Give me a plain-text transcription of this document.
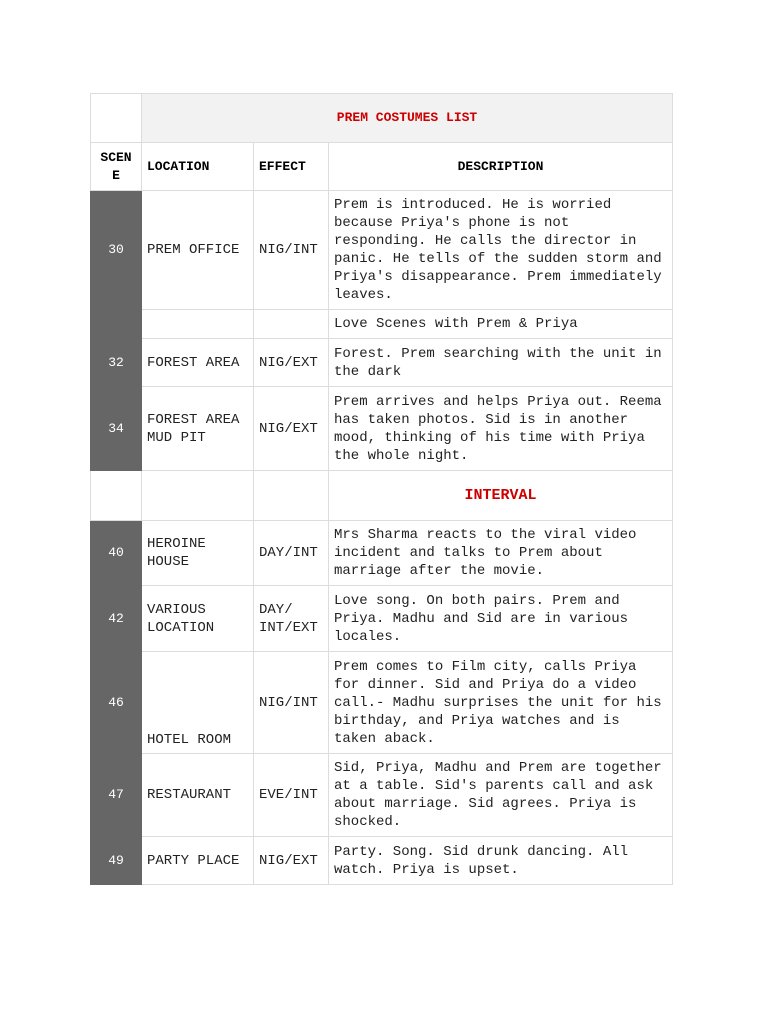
	PREM COSTUMES LIST		
SCEN
E	LOCATION	EFFECT	DESCRIPTION
30	PREM OFFICE	NIG/INT	Prem is introduced. He is worried because Priya's phone is not responding. He calls the director in panic. He tells of the sudden storm and Priya's disappearance. Prem immediately leaves.
			Love Scenes with Prem & Priya
32	FOREST AREA	NIG/EXT	Forest. Prem searching with the unit in the dark
34	FOREST AREA MUD PIT	NIG/EXT	Prem arrives and helps Priya out. Reema has taken photos. Sid is in another mood, thinking of his time with Priya the whole night.
			INTERVAL
40	HEROINE HOUSE	DAY/INT	Mrs Sharma reacts to the viral video incident and talks to Prem about marriage after the movie.
42	VARIOUS LOCATION	DAY/ INT/EXT	Love song. On both pairs. Prem and Priya. Madhu and Sid are in various locales.
46	HOTEL ROOM	NIG/INT	Prem comes to Film city, calls Priya for dinner. Sid and Priya do a video call.- Madhu surprises the unit for his birthday, and Priya watches and is taken aback.
47	RESTAURANT	EVE/INT	Sid, Priya, Madhu and Prem are together at a table. Sid's parents call and ask about marriage. Sid agrees. Priya is shocked.
49	PARTY PLACE	NIG/EXT	Party. Song. Sid drunk dancing. All watch. Priya is upset.
